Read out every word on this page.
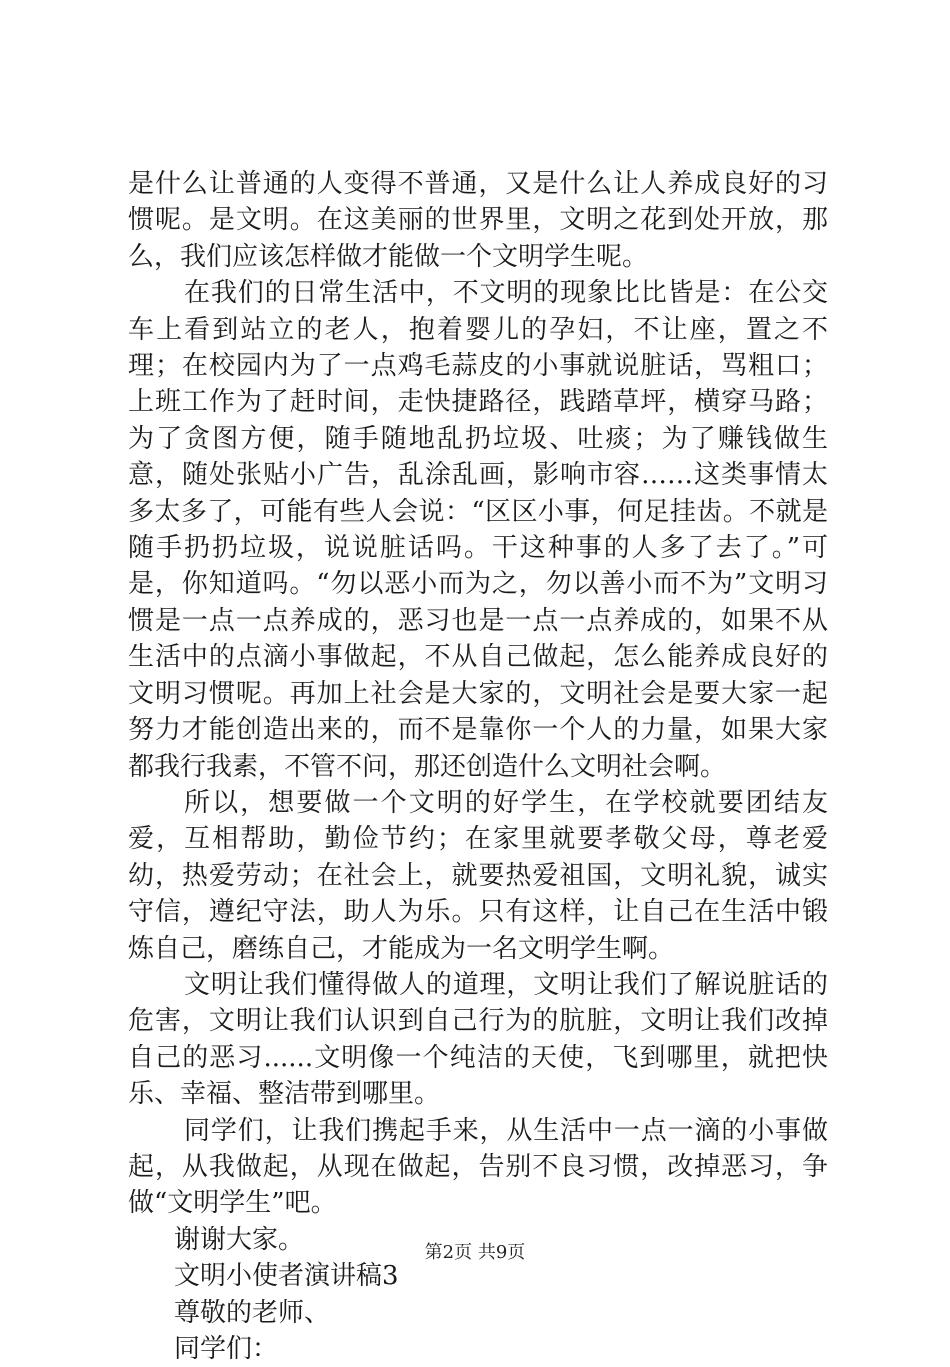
是什么让普通的人变得不普通，又是什么让人养成良好的习惯呢。是文明。在这美丽的世界里，文明之花到处开放，那么，我们应该怎样做才能做一个文明学生呢。

在我们的日常生活中，不文明的现象比比皆是：在公交车上看到站立的老人，抱着婴儿的孕妇，不让座，置之不理；在校园内为了一点鸡毛蒜皮的小事就说脏话，骂粗口；上班工作为了赶时间，走快捷路径，践踏草坪，横穿马路；为了贪图方便，随手随地乱扔垃圾、吐痰；为了赚钱做生意，随处张贴小广告，乱涂乱画，影响市容……这类事情太多太多了，可能有些人会说：“区区小事，何足挂齿。不就是随手扔扔垃圾，说说脏话吗。干这种事的人多了去了。”可是，你知道吗。“勿以恶小而为之，勿以善小而不为”文明习惯是一点一点养成的，恶习也是一点一点养成的，如果不从生活中的点滴小事做起，不从自己做起，怎么能养成良好的文明习惯呢。再加上社会是大家的，文明社会是要大家一起努力才能创造出来的，而不是靠你一个人的力量，如果大家都我行我素，不管不问，那还创造什么文明社会啊。

所以，想要做一个文明的好学生，在学校就要团结友爱，互相帮助，勤俭节约；在家里就要孝敬父母，尊老爱幼，热爱劳动；在社会上，就要热爱祖国，文明礼貌，诚实守信，遵纪守法，助人为乐。只有这样，让自己在生活中锻炼自己，磨练自己，才能成为一名文明学生啊。

文明让我们懂得做人的道理，文明让我们了解说脏话的危害，文明让我们认识到自己行为的肮脏，文明让我们改掉自己的恶习......文明像一个纯洁的天使，飞到哪里，就把快乐、幸福、整洁带到哪里。

同学们，让我们携起手来，从生活中一点一滴的小事做起，从我做起，从现在做起，告别不良习惯，改掉恶习，争做“文明学生”吧。

谢谢大家。

文明小使者演讲稿3

尊敬的老师、

同学们：

第2页 共9页
